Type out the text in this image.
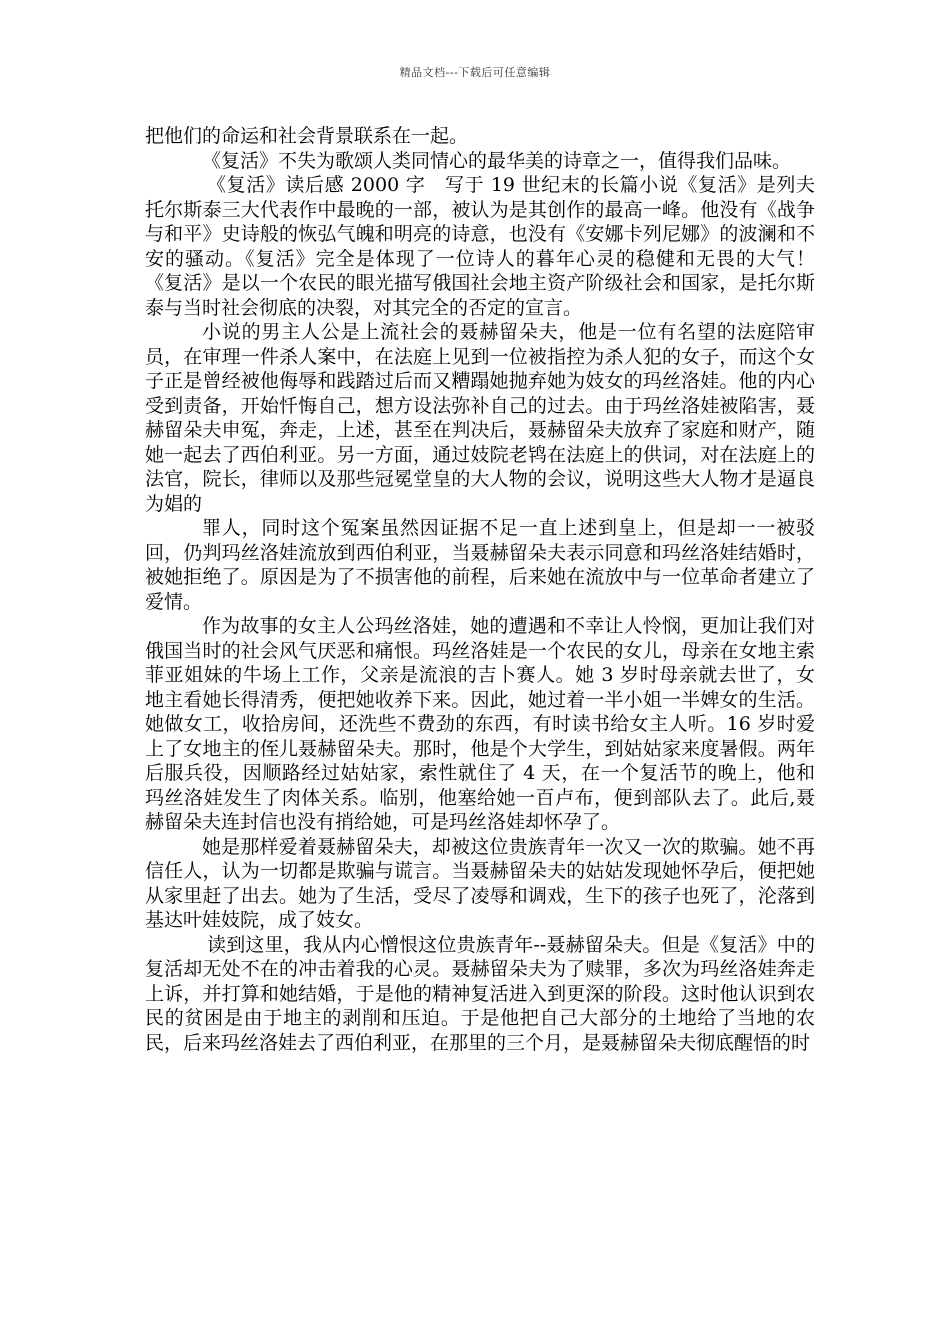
精品文档---下载后可任意编辑

把他们的命运和社会背景联系在一起。

《复活》不失为歌颂人类同情心的最华美的诗章之一，值得我们品味。

《复活》读后感 2000 字　写于 19 世纪末的长篇小说《复活》是列夫托尔斯泰三大代表作中最晚的一部，被认为是其创作的最高一峰。他没有《战争与和平》史诗般的恢弘气魄和明亮的诗意，也没有《安娜卡列尼娜》的波澜和不安的骚动。《复活》完全是体现了一位诗人的暮年心灵的稳健和无畏的大气！　《复活》是以一个农民的眼光描写俄国社会地主资产阶级社会和国家，是托尔斯泰与当时社会彻底的决裂，对其完全的否定的宣言。

小说的男主人公是上流社会的聂赫留朵夫，他是一位有名望的法庭陪审员，在审理一件杀人案中，在法庭上见到一位被指控为杀人犯的女子，而这个女子正是曾经被他侮辱和践踏过后而又糟蹋她抛弃她为妓女的玛丝洛娃。他的内心受到责备，开始忏悔自己，想方设法弥补自己的过去。由于玛丝洛娃被陷害，聂赫留朵夫申冤，奔走，上述，甚至在判决后，聂赫留朵夫放弃了家庭和财产，随她一起去了西伯利亚。另一方面，通过妓院老鸨在法庭上的供词，对在法庭上的法官，院长，律师以及那些冠冕堂皇的大人物的会议，说明这些大人物才是逼良为娼的

罪人，同时这个冤案虽然因证据不足一直上述到皇上，但是却一一被驳回，仍判玛丝洛娃流放到西伯利亚，当聂赫留朵夫表示同意和玛丝洛娃结婚时，被她拒绝了。原因是为了不损害他的前程，后来她在流放中与一位革命者建立了爱情。

作为故事的女主人公玛丝洛娃，她的遭遇和不幸让人怜悯，更加让我们对俄国当时的社会风气厌恶和痛恨。玛丝洛娃是一个农民的女儿，母亲在女地主索菲亚姐妹的牛场上工作，父亲是流浪的吉卜赛人。她 3 岁时母亲就去世了，女地主看她长得清秀，便把她收养下来。因此，她过着一半小姐一半婢女的生活。她做女工，收拾房间，还洗些不费劲的东西，有时读书给女主人听。16 岁时爱上了女地主的侄儿聂赫留朵夫。那时，他是个大学生，到姑姑家来度暑假。两年后服兵役，因顺路经过姑姑家，索性就住了 4 天，在一个复活节的晚上，他和玛丝洛娃发生了肉体关系。临别，他塞给她一百卢布，便到部队去了。此后,聂赫留朵夫连封信也没有捎给她，可是玛丝洛娃却怀孕了。

她是那样爱着聂赫留朵夫，却被这位贵族青年一次又一次的欺骗。她不再信任人，认为一切都是欺骗与谎言。当聂赫留朵夫的姑姑发现她怀孕后，便把她从家里赶了出去。她为了生活，受尽了凌辱和调戏，生下的孩子也死了，沦落到基达叶娃妓院，成了妓女。

读到这里，我从内心憎恨这位贵族青年--聂赫留朵夫。但是《复活》中的复活却无处不在的冲击着我的心灵。聂赫留朵夫为了赎罪，多次为玛丝洛娃奔走上诉，并打算和她结婚，于是他的精神复活进入到更深的阶段。这时他认识到农民的贫困是由于地主的剥削和压迫。于是他把自己大部分的土地给了当地的农民，后来玛丝洛娃去了西伯利亚，在那里的三个月，是聂赫留朵夫彻底醒悟的时
